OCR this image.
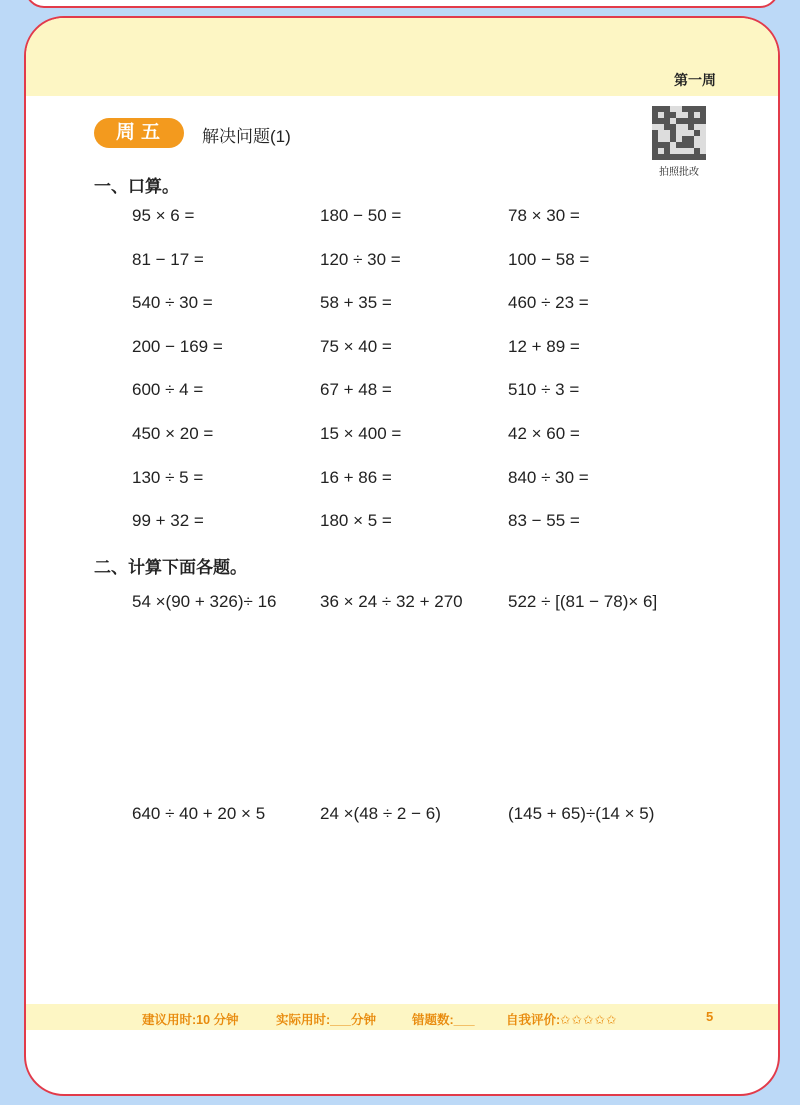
第一周
周五	解决问题(1)
拍照批改
一、口算。
95 × 6 =	180 − 50 =	78 × 30 =
81 − 17 =	120 ÷ 30 =	100 − 58 =
540 ÷ 30 =	58 + 35 =	460 ÷ 23 =
200 − 169 =	75 × 40 =	12 + 89 =
600 ÷ 4 =	67 + 48 =	510 ÷ 3 =
450 × 20 =	15 × 400 =	42 × 60 =
130 ÷ 5 =	16 + 86 =	840 ÷ 30 =
99 + 32 =	180 × 5 =	83 − 55 =
二、计算下面各题。
54 ×(90 + 326)÷ 16	36 × 24 ÷ 32 + 270	522 ÷ [(81 − 78)× 6]
640 ÷ 40 + 20 × 5	24 ×(48 ÷ 2 − 6)	(145 + 65)÷(14 × 5)
建议用时:10 分钟	实际用时:___分钟	错题数:___	自我评价:✩✩✩✩✩	5
